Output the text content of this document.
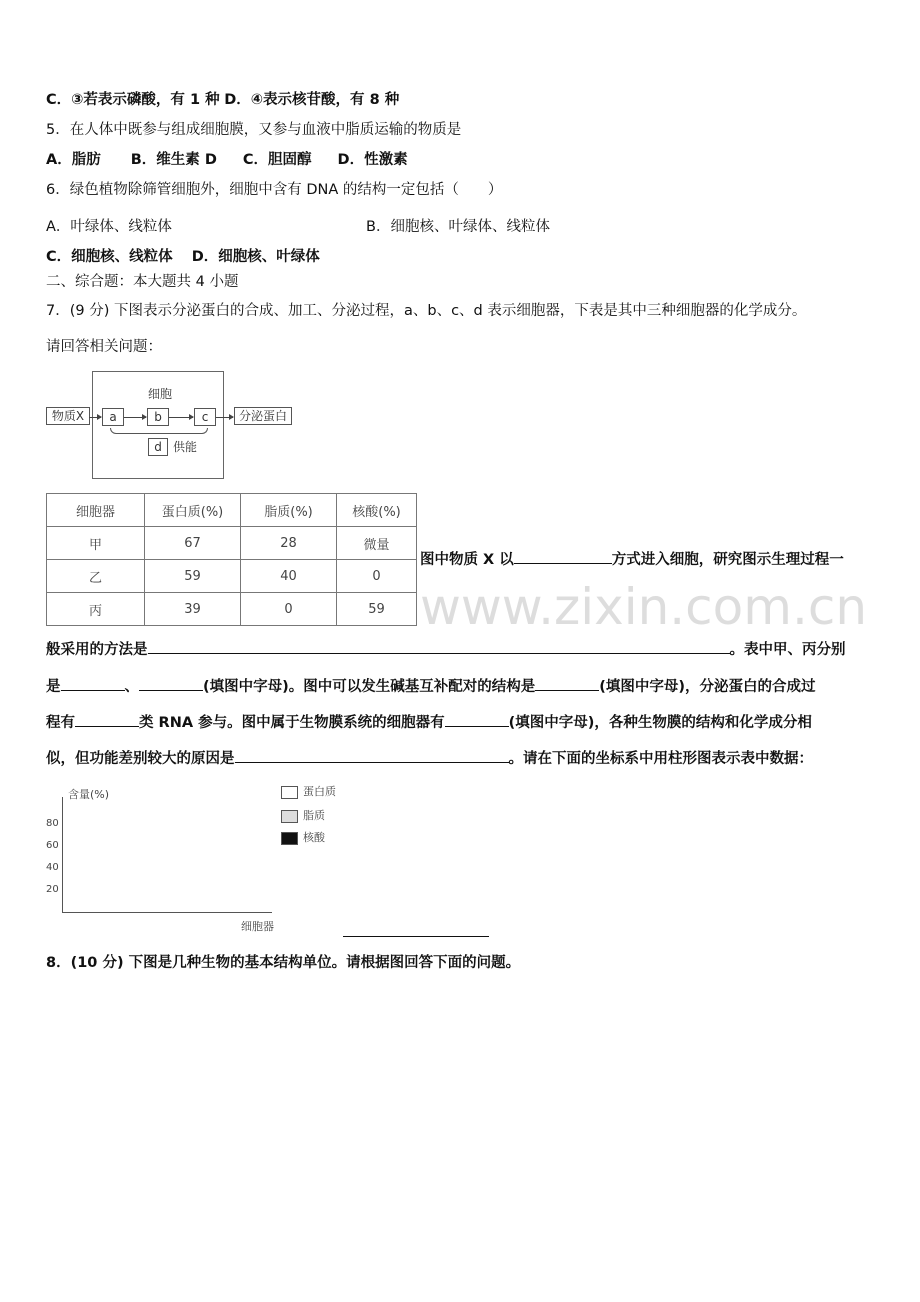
www.zixin.com.cn
C．③若表示磷酸，有 1 种 D．④表示核苷酸，有 8 种
5．在人体中既参与组成细胞膜，又参与血液中脂质运输的物质是
A．脂肪 B．维生素 D C．胆固醇 D．性激素
6．绿色植物除筛管细胞外，细胞中含有 DNA 的结构一定包括（　　）
A．叶绿体、线粒体	B．细胞核、叶绿体、线粒体
C．细胞核、线粒体　 D．细胞核、叶绿体
二、综合题：本大题共 4 小题
7．(9 分) 下图表示分泌蛋白的合成、加工、分泌过程，a、b、c、d 表示细胞器，下表是其中三种细胞器的化学成分。
请回答相关问题：
细胞
物质X	a	b	c	分泌蛋白
d 供能
细胞器	蛋白质(%)	脂质(%)	核酸(%)
甲	67	28	微量
乙	59	40	0
丙	39	0	59
图中物质 X 以	方式进入细胞，研究图示生理过程一
般采用的方法是	。表中甲、丙分别
是	、	(填图中字母)。图中可以发生碱基互补配对的结构是	(填图中字母)，分泌蛋白的合成过
程有	类 RNA 参与。图中属于生物膜系统的细胞器有	(填图中字母)，各种生物膜的结构和化学成分相
似，但功能差别较大的原因是	。请在下面的坐标系中用柱形图表示表中数据：
含量(%)
80
60
40
20
细胞器
蛋白质
脂质
核酸
8．(10 分) 下图是几种生物的基本结构单位。请根据图回答下面的问题。
